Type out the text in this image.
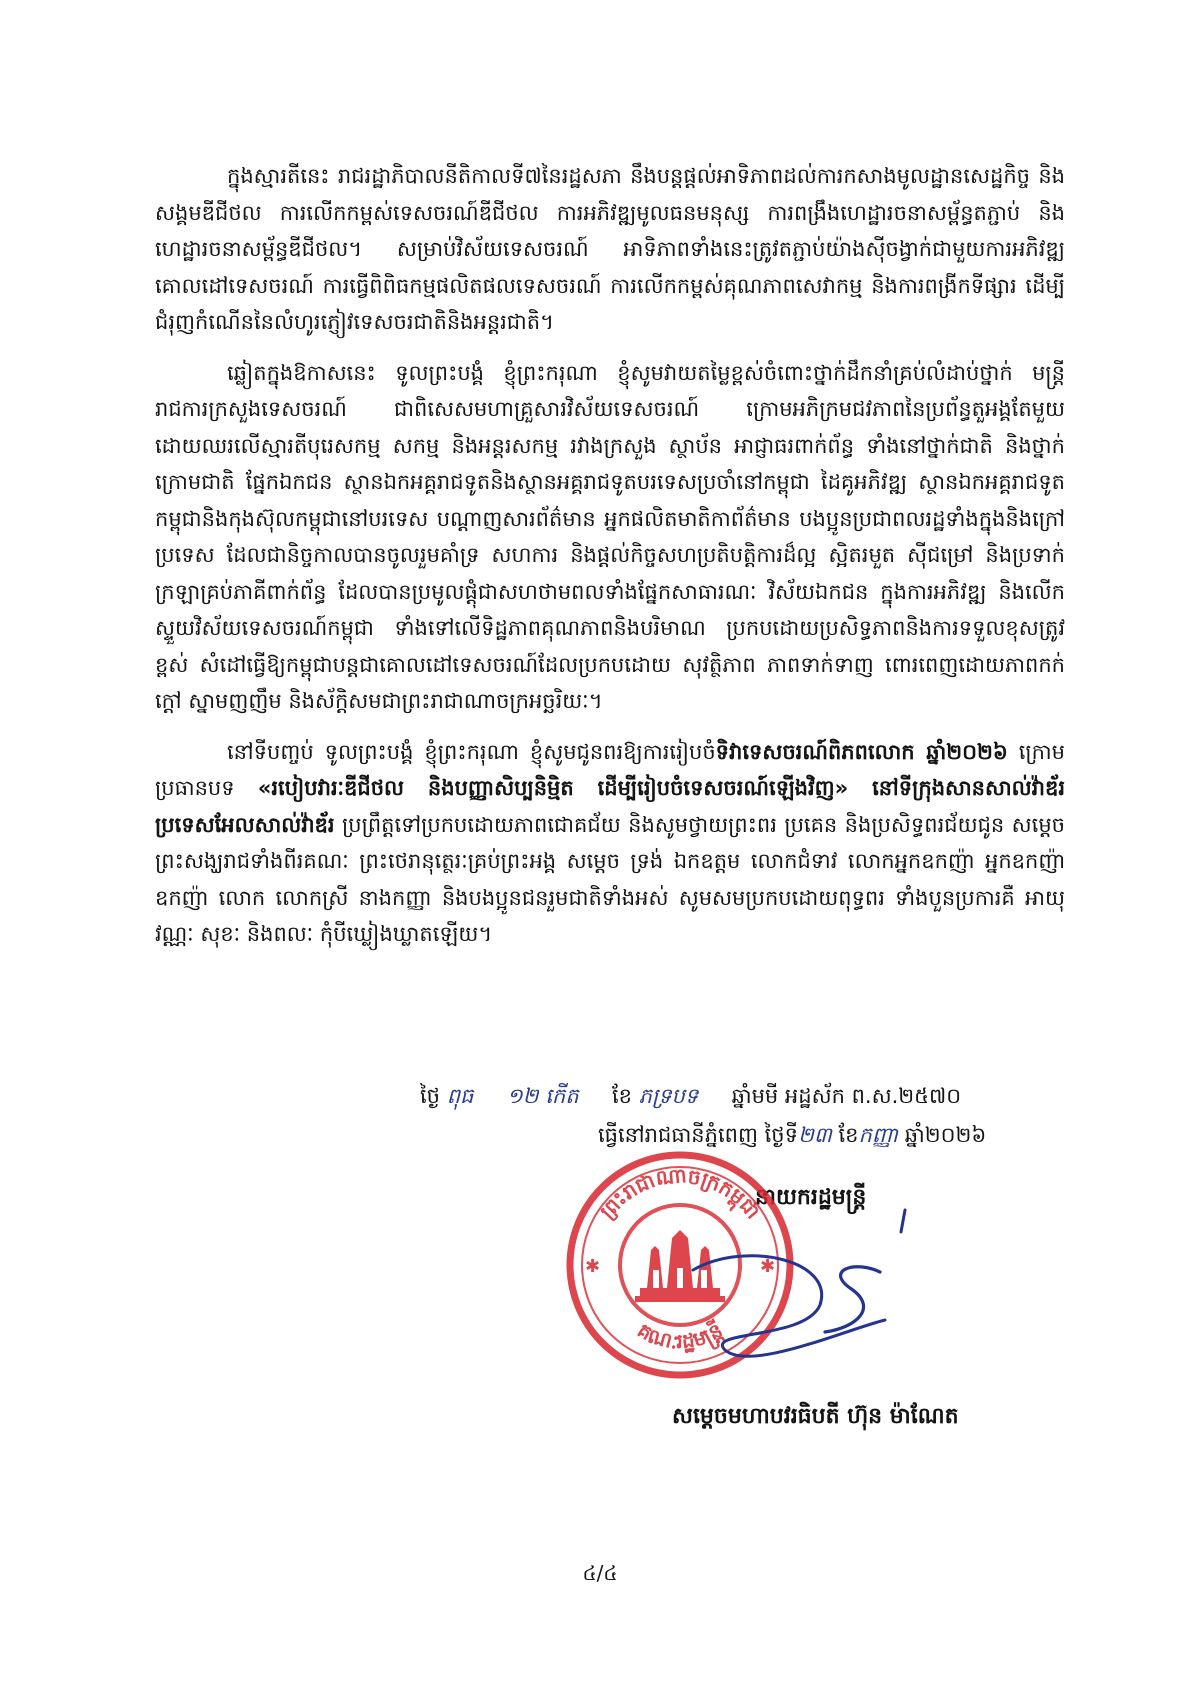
ក្នុងស្មារតីនេះ រាជរដ្ឋាភិបាលនីតិកាលទី៧នៃរដ្ឋសភា នឹងបន្តផ្តល់អាទិភាពដល់ការកសាងមូលដ្ឋានសេដ្ឋកិច្ច និងសង្គមឌីជីថល ការលើកកម្ពស់ទេសចរណ៍ឌីជីថល ការអភិវឌ្ឍមូលធនមនុស្ស ការពង្រឹងហេដ្ឋារចនាសម្ព័ន្ធតភ្ជាប់ និងហេដ្ឋារចនាសម្ព័ន្ធឌីជីថល។ សម្រាប់វិស័យទេសចរណ៍ អាទិភាពទាំងនេះត្រូវតភ្ជាប់យ៉ាងស៊ីចង្វាក់ជាមួយការអភិវឌ្ឍគោលដៅទេសចរណ៍ ការធ្វើពិពិធកម្មផលិតផលទេសចរណ៍ ការលើកកម្ពស់គុណភាពសេវាកម្ម និងការពង្រីកទីផ្សារ ដើម្បីជំរុញកំណើននៃលំហូរភ្ញៀវទេសចរជាតិនិងអន្តរជាតិ។

ឆ្លៀតក្នុងឱកាសនេះ ទូលព្រះបង្គំ ខ្ញុំព្រះករុណា ខ្ញុំសូមវាយតម្លៃខ្ពស់ចំពោះថ្នាក់ដឹកនាំគ្រប់លំដាប់ថ្នាក់ មន្ត្រីរាជការក្រសួងទេសចរណ៍ ជាពិសេសមហាគ្រួសារវិស័យទេសចរណ៍ ក្រោមអភិក្រមជវភាពនៃប្រព័ន្ធតួអង្គតែមួយ ដោយឈរលើស្មារតីបុរេសកម្ម សកម្ម និងអន្តរសកម្ម រវាងក្រសួង ស្ថាប័ន អាជ្ញាធរពាក់ព័ន្ធ ទាំងនៅថ្នាក់ជាតិ និងថ្នាក់ក្រោមជាតិ ផ្នែកឯកជន ស្ថានឯកអគ្គរាជទូតនិងស្ថានអគ្គរាជទូតបរទេសប្រចាំនៅកម្ពុជា ដៃគូអភិវឌ្ឍ ស្ថានឯកអគ្គរាជទូតកម្ពុជានិងកុងស៊ុលកម្ពុជានៅបរទេស បណ្តាញសារព័ត៌មាន អ្នកផលិតមាតិកាព័ត៌មាន បងប្អូនប្រជាពលរដ្ឋទាំងក្នុងនិងក្រៅប្រទេស ដែលជានិច្ចកាលបានចូលរួមគាំទ្រ សហការ និងផ្តល់កិច្ចសហប្រតិបត្តិការដ៏ល្អ ស្អិតរមួត ស៊ីជម្រៅ និងប្រទាក់ក្រឡាគ្រប់ភាគីពាក់ព័ន្ធ ដែលបានប្រមូលផ្តុំជាសហថាមពលទាំងផ្នែកសាធារណៈ វិស័យឯកជន ក្នុងការអភិវឌ្ឍ និងលើកស្ទួយវិស័យទេសចរណ៍កម្ពុជា ទាំងទៅលើទិដ្ឋភាពគុណភាពនិងបរិមាណ ប្រកបដោយប្រសិទ្ធភាពនិងការទទួលខុសត្រូវខ្ពស់ សំដៅធ្វើឱ្យកម្ពុជាបន្តជាគោលដៅទេសចរណ៍ដែលប្រកបដោយ សុវត្ថិភាព ភាពទាក់ទាញ ពោរពេញដោយភាពកក់ក្តៅ ស្នាមញញឹម និងស័ក្តិសមជាព្រះរាជាណាចក្រអច្ឆរិយៈ។

នៅទីបញ្ចប់ ទូលព្រះបង្គំ ខ្ញុំព្រះករុណា ខ្ញុំសូមជូនពរឱ្យការរៀបចំទិវាទេសចរណ៍ពិភពលោក ឆ្នាំ២០២៦ ក្រោមប្រធានបទ «របៀបវារៈឌីជីថល និងបញ្ញាសិប្បនិម្មិត ដើម្បីរៀបចំទេសចរណ៍ឡើងវិញ» នៅទីក្រុងសានសាល់វ៉ាឌ័រ ប្រទេសអែលសាល់វ៉ាឌ័រ ប្រព្រឹត្តទៅប្រកបដោយភាពជោគជ័យ និងសូមថ្វាយព្រះពរ ប្រគេន និងប្រសិទ្ធពរជ័យជូន សម្តេចព្រះសង្ឃរាជទាំងពីរគណៈ ព្រះថេរានុត្ថេរៈគ្រប់ព្រះអង្គ សម្តេច ទ្រង់ ឯកឧត្តម លោកជំទាវ លោកអ្នកឧកញ៉ា អ្នកឧកញ៉ា ឧកញ៉ា លោក លោកស្រី នាងកញ្ញា និងបងប្អូនជនរួមជាតិទាំងអស់ សូមសមប្រកបដោយពុទ្ធពរ ទាំងបួនប្រការគឺ អាយុ វណ្ណៈ សុខៈ និងពលៈ កុំបីឃ្លៀងឃ្លាតឡើយ។

ថ្ងៃ ពុធ ១២ កើត ខែ ភទ្របទ ឆ្នាំមមី អដ្ឋស័ក ព.ស.២៥៧០
ធ្វើនៅរាជធានីភ្នំពេញ ថ្ងៃទី២៣ ខែកញ្ញា ឆ្នាំ២០២៦
នាយករដ្ឋមន្ត្រី
ព្រះរាជាណាចក្រកម្ពុជា
គណៈរដ្ឋមន្ត្រី
✱	✱
សម្តេចមហាបវរធិបតី ហ៊ុន ម៉ាណែត
៤/៤
